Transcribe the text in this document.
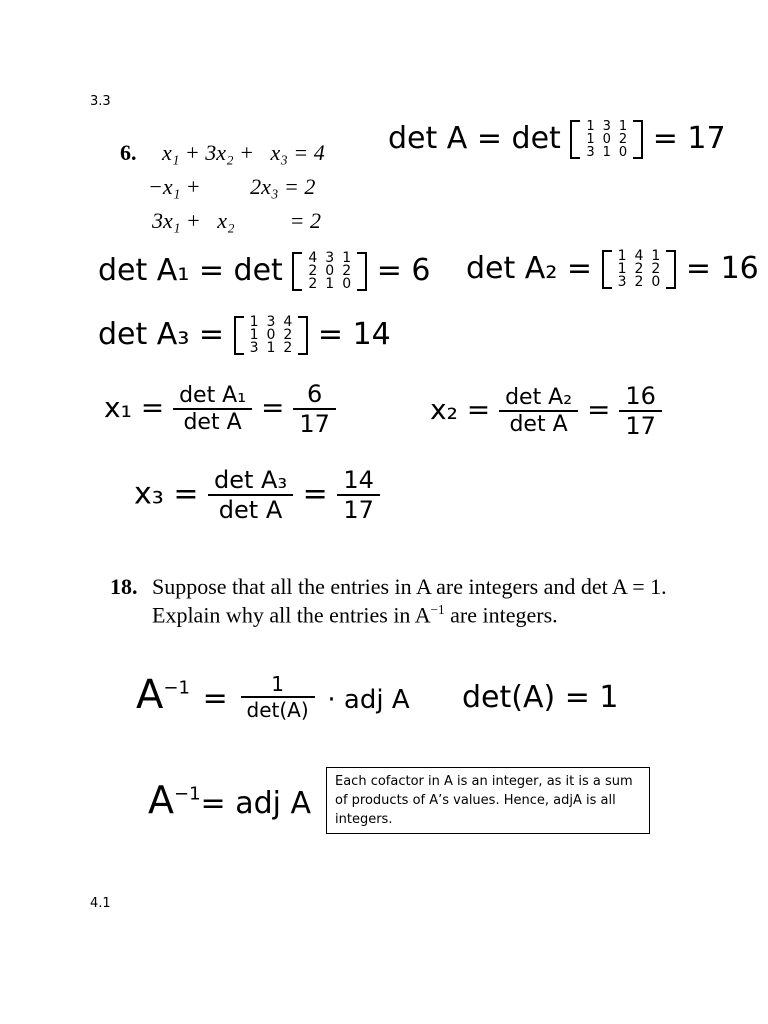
3.3
6. x₁ + 3x₂ +   x₃ = 4
−x₁ +         2x₃ = 2
3x₁ +   x₂          = 2
det A = det 1	3	1
1	0	2
3	1	0 = 17
det A₁ = det 4	3	1
2	0	2
2	1	0 = 6 det A₂ = 1	4	1
1	2	2
3	2	0 = 16
det A₃ = 1	3	4
1	0	2
3	1	2 = 14
$x_1 = \frac{\text{det A₁}}{\text{det A}} = \frac{6}{17}$	$x_2 = \frac{\text{det A₂}}{\text{det A}} = \frac{16}{17}$
$x_3 = \frac{\text{det A₃}}{\text{det A}} = \frac{14}{17}$
18. Suppose that all the entries in A are integers and det A = 1.
Explain why all the entries in $A^{-1}$ are integers.
$A^{-1} = \frac{1}{\det(A)}$ · adj A det(A) = 1
$A^{-1}=$ adj A
Each cofactor in A is an integer, as it is a sum of products of A’s values. Hence, adjA is all integers.
4.1
